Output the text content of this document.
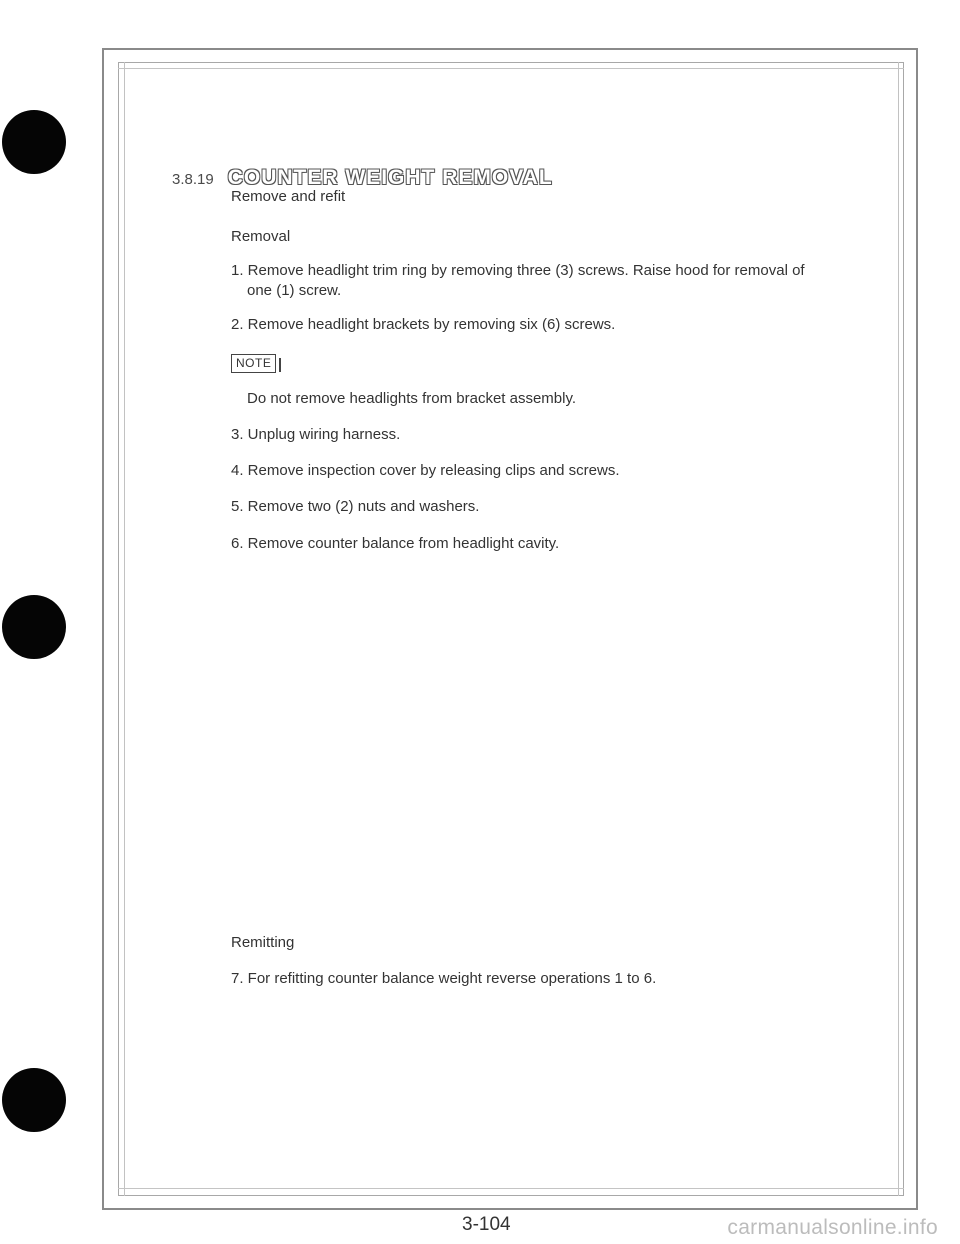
3.8.19 COUNTER WEIGHT REMOVAL
Remove and refit
Removal
1. Remove headlight trim ring by removing three (3) screws. Raise hood for removal of
one (1) screw.
2. Remove headlight brackets by removing six (6) screws.
NOTE
Do not remove headlights from bracket assembly.
3. Unplug wiring harness.
4. Remove inspection cover by releasing clips and screws.
5. Remove two (2) nuts and washers.
6. Remove counter balance from headlight cavity.
Remitting
7. For refitting counter balance weight reverse operations 1 to 6.
3-104	carmanualsonline.info
